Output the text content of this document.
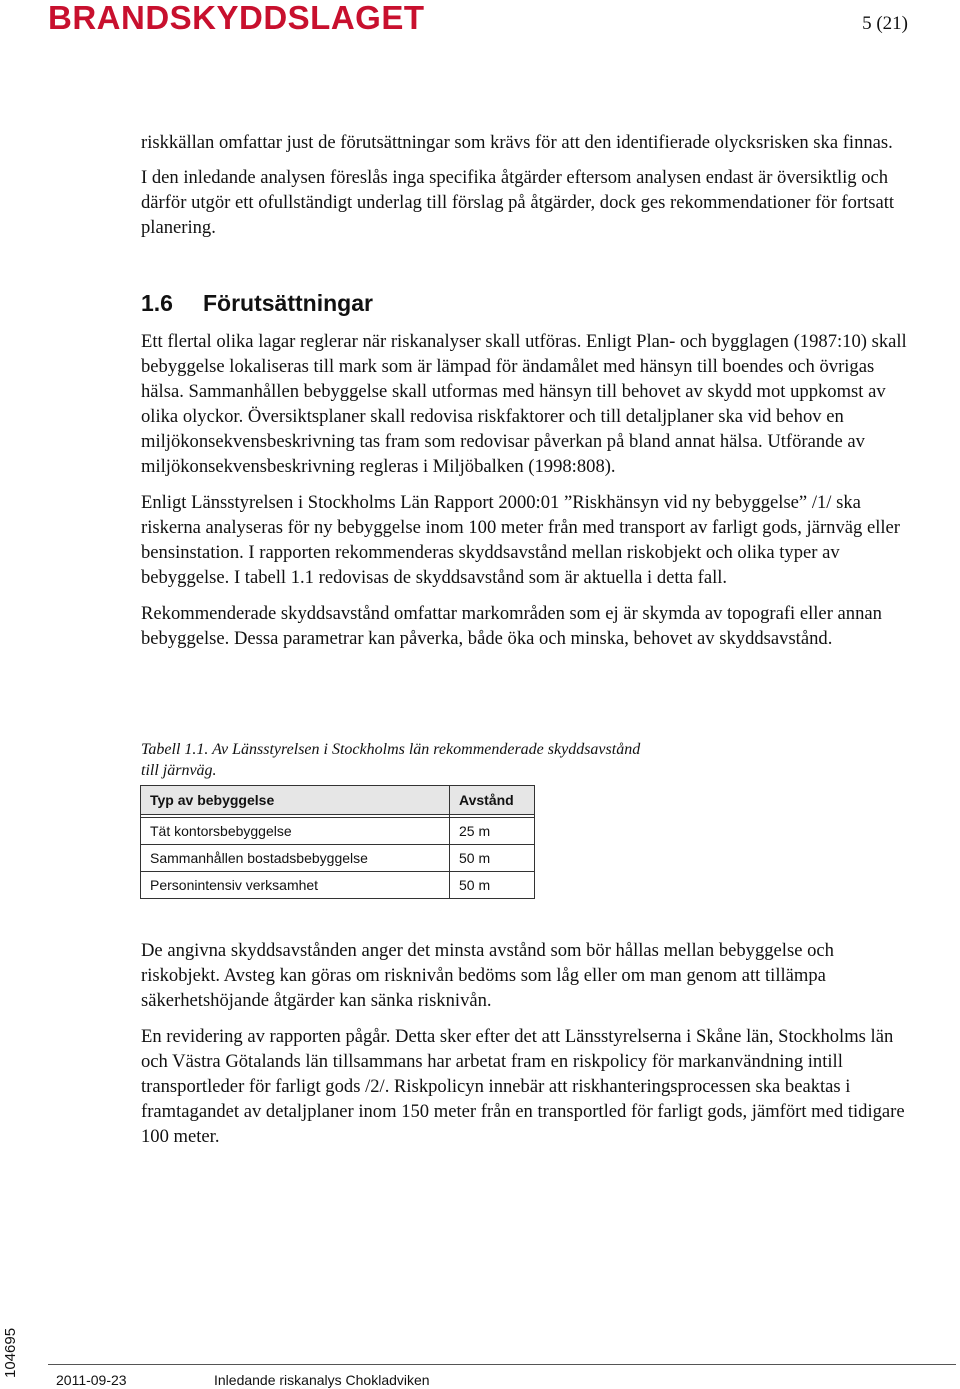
BRANDSKYDDSLAGET	5 (21)

riskkällan omfattar just de förutsättningar som krävs för att den identifierade olycksrisken ska finnas.

I den inledande analysen föreslås inga specifika åtgärder eftersom analysen endast är översiktlig och därför utgör ett ofullständigt underlag till förslag på åtgärder, dock ges rekommendationer för fortsatt planering.

1.6 Förutsättningar

Ett flertal olika lagar reglerar när riskanalyser skall utföras. Enligt Plan- och bygglagen (1987:10) skall bebyggelse lokaliseras till mark som är lämpad för ändamålet med hänsyn till boendes och övrigas hälsa. Sammanhållen bebyggelse skall utformas med hänsyn till behovet av skydd mot uppkomst av olika olyckor. Översiktsplaner skall redovisa riskfaktorer och till detaljplaner ska vid behov en miljökonsekvensbeskrivning tas fram som redovisar påverkan på bland annat hälsa. Utförande av miljökonsekvensbeskrivning regleras i Miljöbalken (1998:808).

Enligt Länsstyrelsen i Stockholms Län Rapport 2000:01 ”Riskhänsyn vid ny bebyggelse” /1/ ska riskerna analyseras för ny bebyggelse inom 100 meter från med transport av farligt gods, järnväg eller bensinstation. I rapporten rekommenderas skyddsavstånd mellan riskobjekt och olika typer av bebyggelse. I tabell 1.1 redovisas de skyddsavstånd som är aktuella i detta fall.

Rekommenderade skyddsavstånd omfattar markområden som ej är skymda av topografi eller annan bebyggelse. Dessa parametrar kan påverka, både öka och minska, behovet av skyddsavstånd.

Tabell 1.1. Av Länsstyrelsen i Stockholms län rekommenderade skyddsavstånd till järnväg.
Typ av bebyggelse	Avstånd

Tät kontorsbebyggelse	25 m
Sammanhållen bostadsbebyggelse	50 m
Personintensiv verksamhet	50 m

De angivna skyddsavstånden anger det minsta avstånd som bör hållas mellan bebyggelse och riskobjekt. Avsteg kan göras om risknivån bedöms som låg eller om man genom att tillämpa säkerhetshöjande åtgärder kan sänka risknivån.

En revidering av rapporten pågår. Detta sker efter det att Länsstyrelserna i Skåne län, Stockholms län och Västra Götalands län tillsammans har arbetat fram en riskpolicy för markanvändning intill transportleder för farligt gods /2/. Riskpolicyn innebär att riskhanteringsprocessen ska beaktas i framtagandet av detaljplaner inom 150 meter från en transportled för farligt gods, jämfört med tidigare 100 meter.

104695
2011-09-23	Inledande riskanalys Chokladviken
